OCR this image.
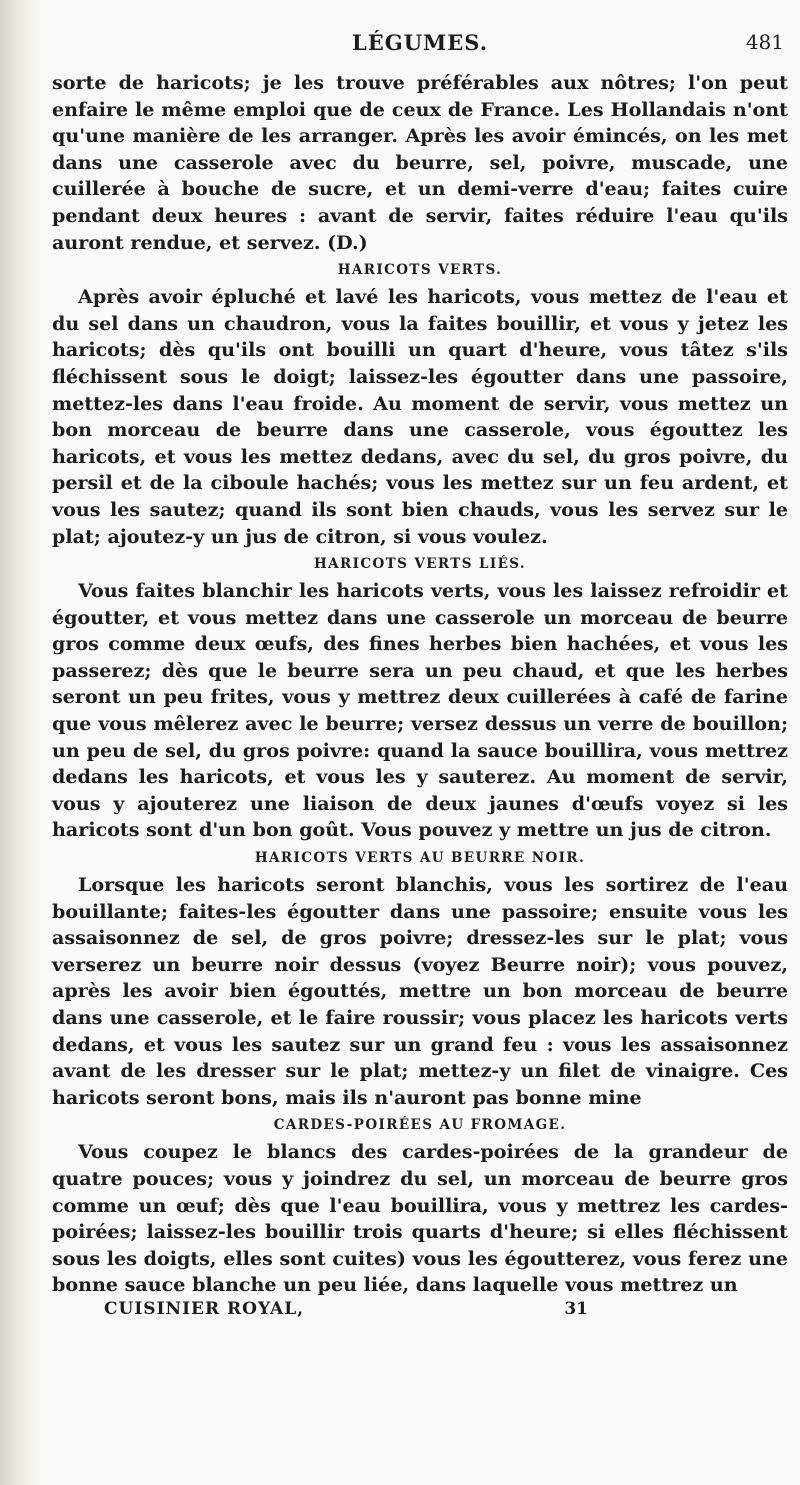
LÉGUMES.	481

sorte de haricots; je les trouve préférables aux nôtres; l'on peut enfaire le même emploi que de ceux de France. Les Hollandais n'ont qu'une manière de les arranger. Après les avoir émincés, on les met dans une casserole avec du beurre, sel, poivre, muscade, une cuillerée à bouche de sucre, et un demi-verre d'eau; faites cuire pendant deux heures : avant de servir, faites réduire l'eau qu'ils auront rendue, et servez. (D.)

HARICOTS VERTS.

Après avoir épluché et lavé les haricots, vous mettez de l'eau et du sel dans un chaudron, vous la faites bouillir, et vous y jetez les haricots; dès qu'ils ont bouilli un quart d'heure, vous tâtez s'ils fléchissent sous le doigt; laissez-les égoutter dans une passoire, mettez-les dans l'eau froide. Au moment de servir, vous mettez un bon morceau de beurre dans une casserole, vous égouttez les haricots, et vous les mettez dedans, avec du sel, du gros poivre, du persil et de la ciboule hachés; vous les mettez sur un feu ardent, et vous les sautez; quand ils sont bien chauds, vous les servez sur le plat; ajoutez-y un jus de citron, si vous voulez.

HARICOTS VERTS LIÉS.

Vous faites blanchir les haricots verts, vous les laissez refroidir et égoutter, et vous mettez dans une casserole un morceau de beurre gros comme deux œufs, des fines herbes bien hachées, et vous les passerez; dès que le beurre sera un peu chaud, et que les herbes seront un peu frites, vous y mettrez deux cuillerées à café de farine que vous mêlerez avec le beurre; versez dessus un verre de bouillon; un peu de sel, du gros poivre: quand la sauce bouillira, vous mettrez dedans les haricots, et vous les y sauterez. Au moment de servir, vous y ajouterez une liaison de deux jaunes d'œufs voyez si les haricots sont d'un bon goût. Vous pouvez y mettre un jus de citron.

HARICOTS VERTS AU BEURRE NOIR.

Lorsque les haricots seront blanchis, vous les sortirez de l'eau bouillante; faites-les égoutter dans une passoire; ensuite vous les assaisonnez de sel, de gros poivre; dressez-les sur le plat; vous verserez un beurre noir dessus (voyez Beurre noir); vous pouvez, après les avoir bien égouttés, mettre un bon morceau de beurre dans une casserole, et le faire roussir; vous placez les haricots verts dedans, et vous les sautez sur un grand feu : vous les assaisonnez avant de les dresser sur le plat; mettez-y un filet de vinaigre. Ces haricots seront bons, mais ils n'auront pas bonne mine

CARDES-POIRÉES AU FROMAGE.

Vous coupez le blancs des cardes-poirées de la grandeur de quatre pouces; vous y joindrez du sel, un morceau de beurre gros comme un œuf; dès que l'eau bouillira, vous y mettrez les cardes-poirées; laissez-les bouillir trois quarts d'heure; si elles fléchissent sous les doigts, elles sont cuites) vous les égoutterez, vous ferez une bonne sauce blanche un peu liée, dans laquelle vous mettrez un

CUISINIER ROYAL,	31
